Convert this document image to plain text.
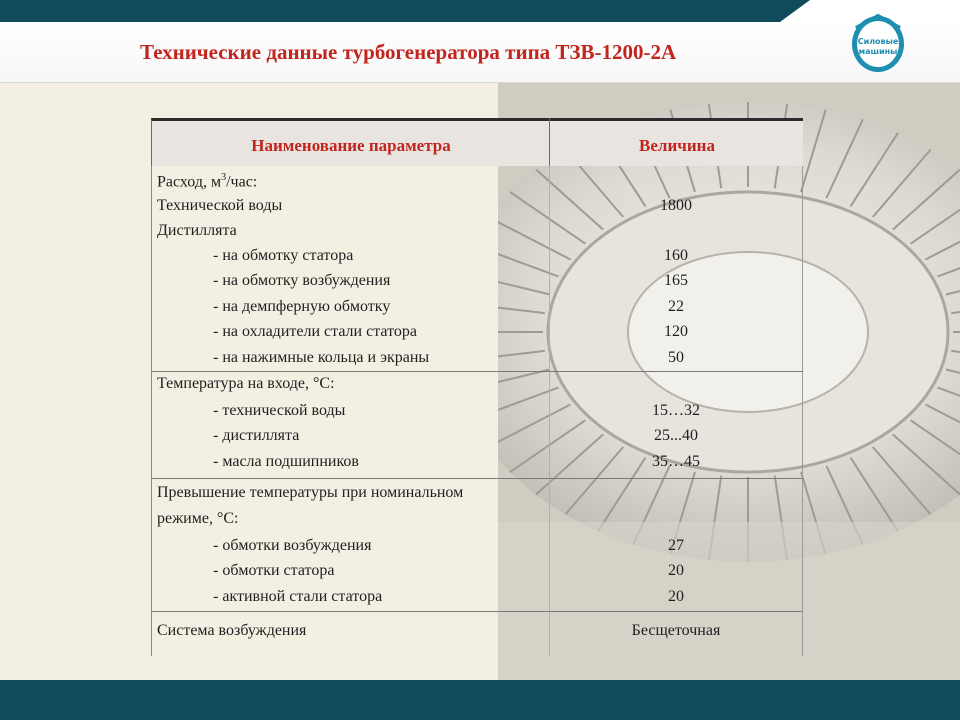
Технические данные турбогенератора типа ТЗВ-1200-2А	Силовые
машины
Наименование параметра	Величина
Расход, $м^3$/час:
Технической воды	1800
Дистиллята
- на обмотку статора	160
- на обмотку возбуждения	165
- на демпферную обмотку	22
- на охладители стали статора	120
- на нажимные кольца и экраны	50
Температура на входе, °С:
- технической воды	15…32
- дистиллята	25...40
- масла подшипников	35…45
Превышение температуры при номинальном
режиме, °С:
- обмотки возбуждения	27
- обмотки статора	20
- активной стали статора	20
Система возбуждения	Бесщеточная
